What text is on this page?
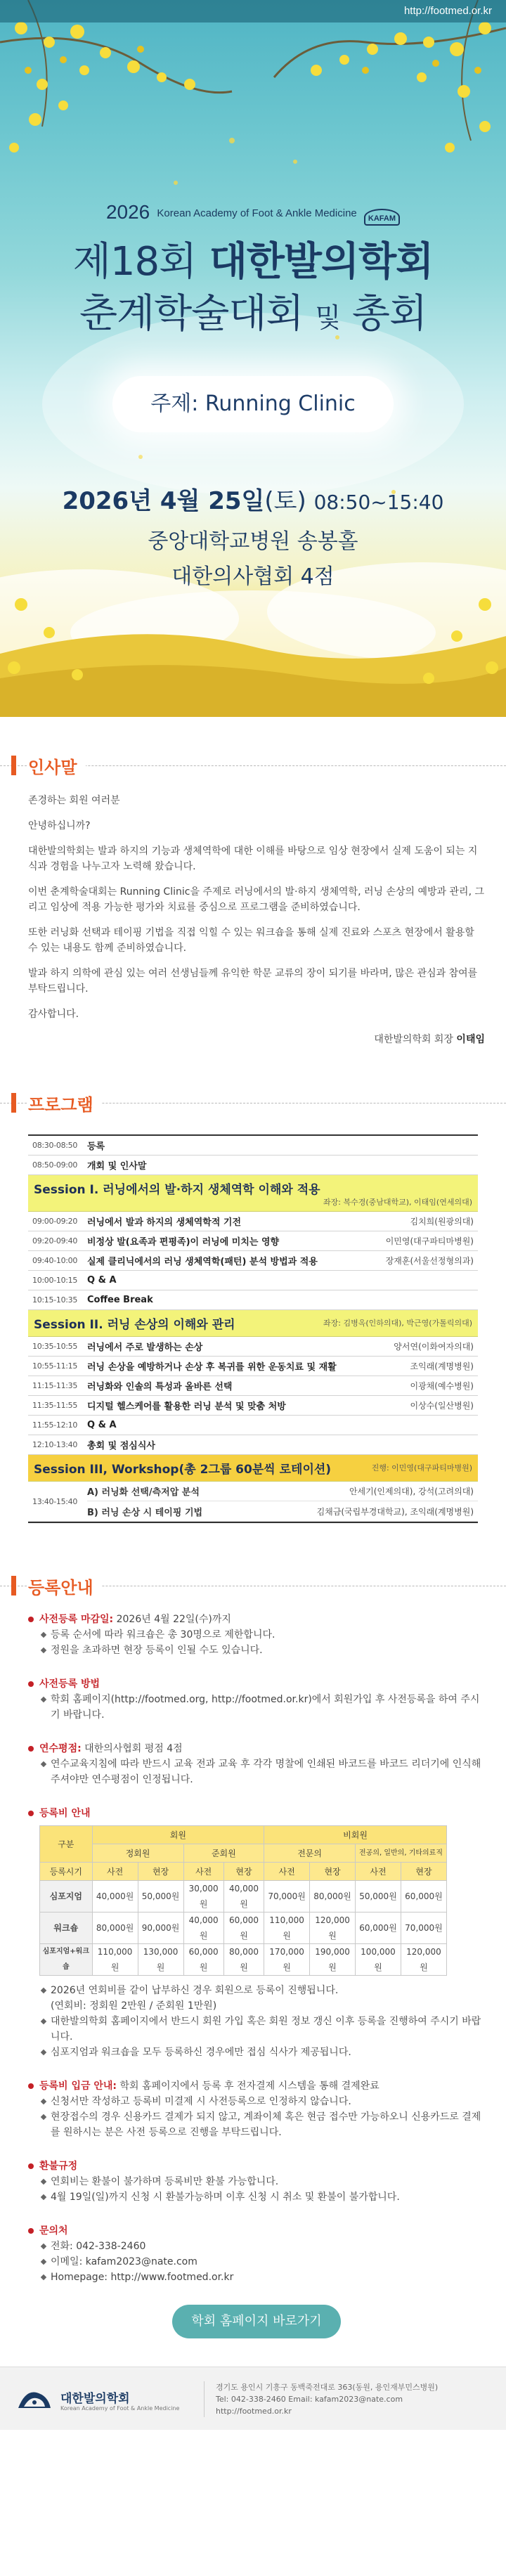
http://footmed.or.kr
2026 Korean Academy of Foot & Ankle Medicine KAFAM
제18회 대한발의학회
춘계학술대회 및 총회
주제: Running Clinic
2026년 4월 25일(토) 08:50~15:40
중앙대학교병원 송봉홀
대한의사협회 4점
인사말

존경하는 회원 여러분

안녕하십니까?

대한발의학회는 발과 하지의 기능과 생체역학에 대한 이해를 바탕으로 임상 현장에서 실제 도움이 되는 지식과 경험을 나누고자 노력해 왔습니다.

이번 춘계학술대회는 Running Clinic을 주제로 러닝에서의 발·하지 생체역학, 러닝 손상의 예방과 관리, 그리고 임상에 적용 가능한 평가와 치료를 중심으로 프로그램을 준비하였습니다.

또한 러닝화 선택과 테이핑 기법을 직접 익힐 수 있는 워크숍을 통해 실제 진료와 스포츠 현장에서 활용할 수 있는 내용도 함께 준비하였습니다.

발과 하지 의학에 관심 있는 여러 선생님들께 유익한 학문 교류의 장이 되기를 바라며, 많은 관심과 참여를 부탁드립니다.

감사합니다.

대한발의학회 회장 이태임
프로그램
08:30-08:50	등록
08:50-09:00	개회 및 인사말
Session I. 러닝에서의 발·하지 생체역학 이해와 적용
좌장: 복수경(중남대학교), 이태임(연세의대)
09:00-09:20	러닝에서 발과 하지의 생체역학적 기전	김치희(원광의대)
09:20-09:40	비정상 발(요족과 편평족)이 러닝에 미치는 영향	이민영(대구파티마병원)
09:40-10:00	실제 클리닉에서의 러닝 생체역학(패턴) 분석 방법과 적용	장재훈(서울선정형의과)
10:00-10:15	Q & A
10:15-10:35	Coffee Break
Session II. 러닝 손상의 이해와 관리	좌장: 김병옥(인하의대), 박근영(가톨릭의대)
10:35-10:55	러닝에서 주로 발생하는 손상	양서연(이화여자의대)
10:55-11:15	러닝 손상을 예방하거나 손상 후 복귀를 위한 운동치료 및 재활	조익래(계명병원)
11:15-11:35	러닝화와 인솔의 특성과 올바른 선택	이광채(예수병원)
11:35-11:55	디지털 헬스케어를 활용한 러닝 분석 및 맞춤 처방	이상수(일산병원)
11:55-12:10	Q & A
12:10-13:40	총회 및 점심식사
Session III, Workshop(총 2그룹 60분씩 로테이션)	진행: 이민영(대구파티마병원)
13:40-15:40
A) 러닝화 선택/측저압 분석	안세기(인제의대), 강석(고려의대)
B) 러닝 손상 시 테이핑 기법	김채금(국립부경대학교), 조익래(계명병원)
등록안내
사전등록 마감일: 2026년 4월 22일(수)까지
등록 순서에 따라 워크숍은 총 30명으로 제한합니다.
정원을 초과하면 현장 등록이 인될 수도 있습니다.
사전등록 방법
학회 홈페이지(http://footmed.org, http://footmed.or.kr)에서 회원가입 후 사전등록을 하여 주시기 바랍니다.
연수평점: 대한의사협회 평점 4점
연수교육지침에 따라 반드시 교육 전과 교육 후 각각 명찰에 인쇄된 바코드를 바코드 리더기에 인식해 주셔야만 연수평점이 인정됩니다.
등록비 안내
구분	회원				비회원			
	정회원		준회원		전문의		전공의, 일반의, 기타의료직	
등록시기	사전	현장	사전	현장	사전	현장	사전	현장
심포지엄	40,000원	50,000원	30,000원	40,000원	70,000원	80,000원	50,000원	60,000원
워크숍	80,000원	90,000원	40,000원	60,000원	110,000원	120,000원	60,000원	70,000원
심포지엄+워크숍	110,000원	130,000원	60,000원	80,000원	170,000원	190,000원	100,000원	120,000원
2026년 연회비를 같이 납부하신 경우 회원으로 등록이 진행됩니다.
(연회비: 정회원 2만원 / 준회원 1만원)
대한발의학회 홈페이지에서 반드시 회원 가입 혹은 회원 정보 갱신 이후 등록을 진행하여 주시기 바랍니다.
심포지엄과 워크숍을 모두 등록하신 경우에만 접심 식사가 제공됩니다.
등록비 입금 안내: 학회 홈페이지에서 등록 후 전자결제 시스템을 통해 결제완료
신청서만 작성하고 등록비 미결제 시 사전등록으로 인정하지 않습니다.
현장접수의 경우 신용카드 결제가 되지 않고, 계좌이체 혹은 현금 접수만 가능하오니 신용카드로 결제를 원하시는 분은 사전 등록으로 진행을 부탁드립니다.
환불규정
연회비는 환불이 불가하며 등록비만 환불 가능합니다.
4월 19일(일)까지 신청 시 환불가능하며 이후 신청 시 취소 및 환불이 불가합니다.
문의처
전화: 042-338-2460
이메일: kafam2023@nate.com
Homepage: http://www.footmed.or.kr
학회 홈페이지 바로가기
대한발의학회
Korean Academy of Foot & Ankle Medicine
경기도 용인시 기흥구 동백죽전대로 363(동원, 용인재부민스병원)
Tel: 042-338-2460 Email: kafam2023@nate.com
http://footmed.or.kr
